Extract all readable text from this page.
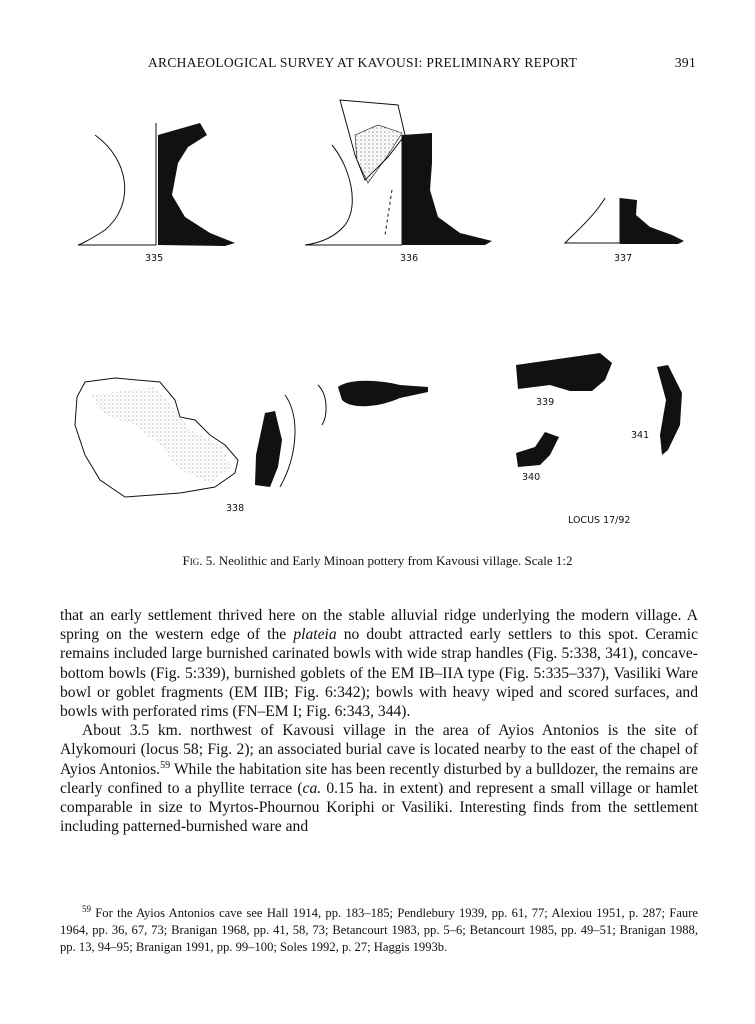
ARCHAEOLOGICAL SURVEY AT KAVOUSI: PRELIMINARY REPORT	391
335	336	337
338
339
340
341
LOCUS 17/92
Fig. 5. Neolithic and Early Minoan pottery from Kavousi village. Scale 1:2

that an early settlement thrived here on the stable alluvial ridge underlying the modern village. A spring on the western edge of the plateia no doubt attracted early settlers to this spot. Ceramic remains included large burnished carinated bowls with wide strap handles (Fig. 5:338, 341), concave-bottom bowls (Fig. 5:339), burnished goblets of the EM IB–IIA type (Fig. 5:335–337), Vasiliki Ware bowl or goblet fragments (EM IIB; Fig. 6:342); bowls with heavy wiped and scored surfaces, and bowls with perforated rims (FN–EM I; Fig. 6:343, 344).

About 3.5 km. northwest of Kavousi village in the area of Ayios Antonios is the site of Alykomouri (locus 58; Fig. 2); an associated burial cave is located nearby to the east of the chapel of Ayios Antonios.$^{59}$ While the habitation site has been recently disturbed by a bulldozer, the remains are clearly confined to a phyllite terrace (ca. 0.15 ha. in extent) and represent a small village or hamlet comparable in size to Myrtos-Phournou Koriphi or Vasiliki. Interesting finds from the settlement including patterned-burnished ware and

$^{59}$ For the Ayios Antonios cave see Hall 1914, pp. 183–185; Pendlebury 1939, pp. 61, 77; Alexiou 1951, p. 287; Faure 1964, pp. 36, 67, 73; Branigan 1968, pp. 41, 58, 73; Betancourt 1983, pp. 5–6; Betancourt 1985, pp. 49–51; Branigan 1988, pp. 13, 94–95; Branigan 1991, pp. 99–100; Soles 1992, p. 27; Haggis 1993b.
